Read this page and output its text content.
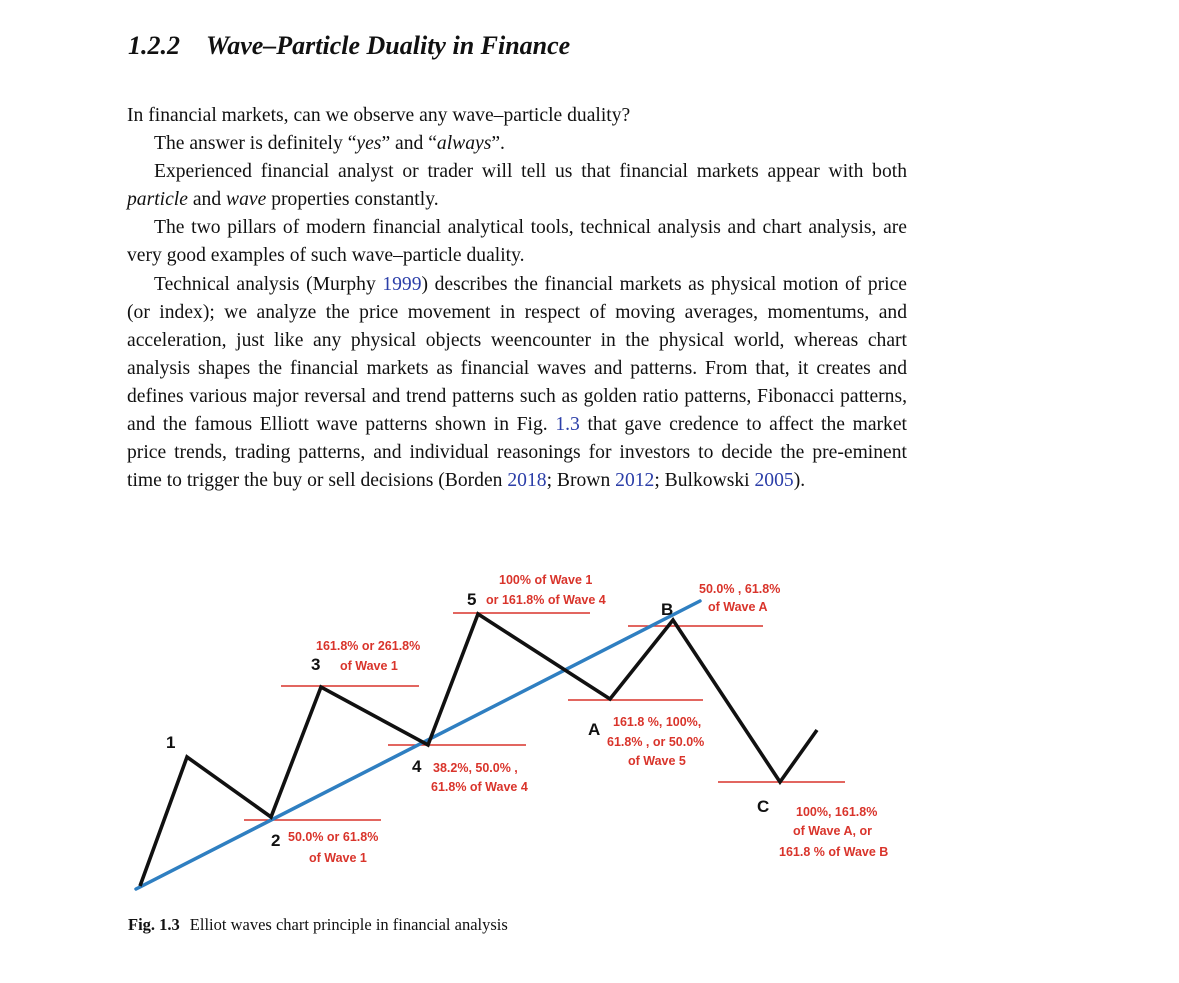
1.2.2 Wave–Particle Duality in Finance

In financial markets, can we observe any wave–particle duality?

The answer is definitely “yes” and “always”.

Experienced financial analyst or trader will tell us that financial markets appear with both particle and wave properties constantly.

The two pillars of modern financial analytical tools, technical analysis and chart analysis, are very good examples of such wave–particle duality.

Technical analysis (Murphy 1999) describes the financial markets as physical motion of price (or index); we analyze the price movement in respect of moving averages, momentums, and acceleration, just like any physical objects weencounter in the physical world, whereas chart analysis shapes the financial markets as financial waves and patterns. From that, it creates and defines various major reversal and trend patterns such as golden ratio patterns, Fibonacci patterns, and the famous Elliott wave patterns shown in Fig. 1.3 that gave credence to affect the market price trends, trading patterns, and individual reasonings for investors to decide the pre-eminent time to trigger the buy or sell decisions (Borden 2018; Brown 2012; Bulkowski 2005).

1
2
3
4
5
A
B
C
50.0% or 61.8%
of Wave 1
161.8% or 261.8%
of Wave 1
38.2%, 50.0% ,
61.8% of Wave 4
100% of Wave 1
or 161.8% of Wave 4
161.8 %, 100%,
61.8% , or 50.0%
of Wave 5
50.0% , 61.8%
of Wave A
100%, 161.8%
of Wave A, or
161.8 % of Wave B
Fig. 1.3 Elliot waves chart principle in financial analysis
